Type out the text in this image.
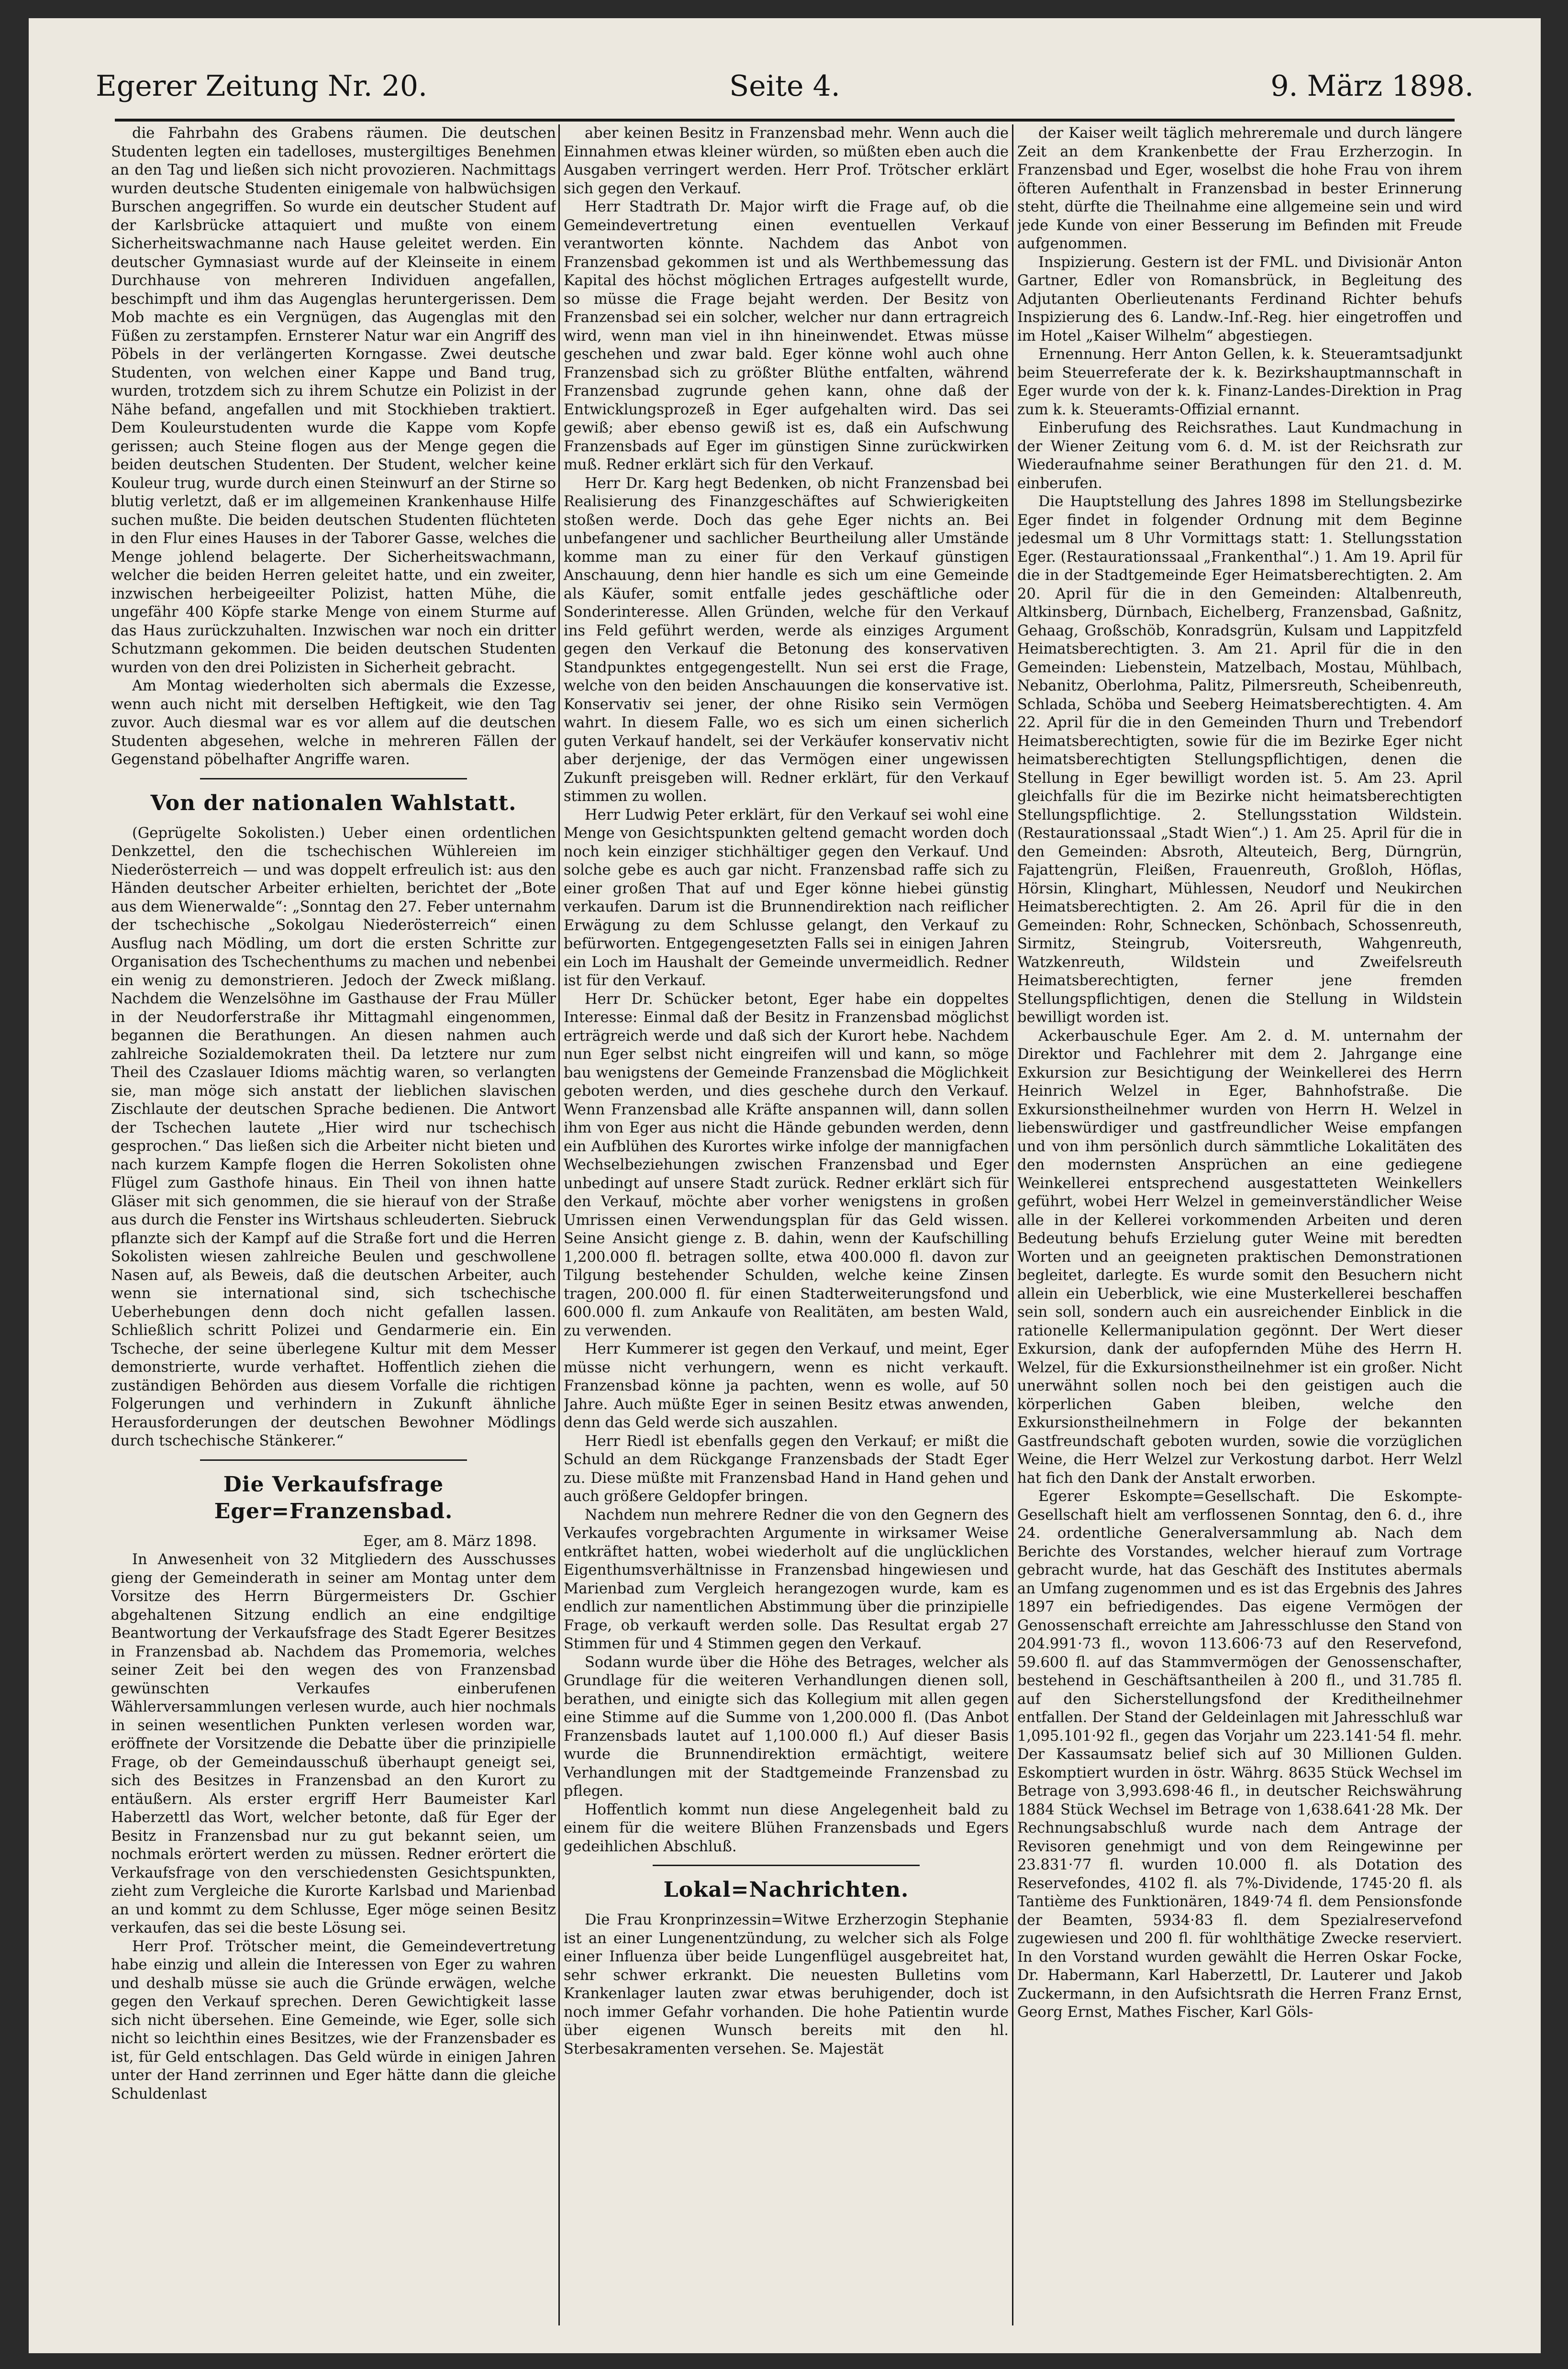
Egerer Zeitung Nr. 20.	Seite 4.	9. März 1898.

die Fahrbahn des Grabens räumen. Die deutschen Studenten legten ein tadelloses, mustergiltiges Benehmen an den Tag und ließen sich nicht provozieren. Nachmittags wurden deutsche Studenten einigemale von halbwüchsigen Burschen angegriffen. So wurde ein deutscher Student auf der Karlsbrücke attaquiert und mußte von einem Sicherheitswachmanne nach Hause geleitet werden. Ein deutscher Gymnasiast wurde auf der Kleinseite in einem Durchhause von mehreren Individuen angefallen, beschimpft und ihm das Augenglas heruntergerissen. Dem Mob machte es ein Vergnügen, das Augenglas mit den Füßen zu zerstampfen. Ernsterer Natur war ein Angriff des Pöbels in der verlängerten Korngasse. Zwei deutsche Studenten, von welchen einer Kappe und Band trug, wurden, trotzdem sich zu ihrem Schutze ein Polizist in der Nähe befand, angefallen und mit Stockhieben traktiert. Dem Kouleurstudenten wurde die Kappe vom Kopfe gerissen; auch Steine flogen aus der Menge gegen die beiden deutschen Studenten. Der Student, welcher keine Kouleur trug, wurde durch einen Steinwurf an der Stirne so blutig verletzt, daß er im allgemeinen Krankenhause Hilfe suchen mußte. Die beiden deutschen Studenten flüchteten in den Flur eines Hauses in der Taborer Gasse, welches die Menge johlend belagerte. Der Sicherheitswachmann, welcher die beiden Herren geleitet hatte, und ein zweiter, inzwischen herbeigeeilter Polizist, hatten Mühe, die ungefähr 400 Köpfe starke Menge von einem Sturme auf das Haus zurückzuhalten. Inzwischen war noch ein dritter Schutzmann gekommen. Die beiden deutschen Studenten wurden von den drei Polizisten in Sicherheit gebracht.

Am Montag wiederholten sich abermals die Exzesse, wenn auch nicht mit derselben Heftigkeit, wie den Tag zuvor. Auch diesmal war es vor allem auf die deutschen Studenten abgesehen, welche in mehreren Fällen der Gegenstand pöbelhafter Angriffe waren.

Von der nationalen Wahlstatt.

(Geprügelte Sokolisten.) Ueber einen ordentlichen Denkzettel, den die tschechischen Wühlereien im Niederösterreich — und was doppelt erfreulich ist: aus den Händen deutscher Arbeiter erhielten, berichtet der „Bote aus dem Wienerwalde“: „Sonntag den 27. Feber unternahm der tschechische „Sokolgau Niederösterreich“ einen Ausflug nach Mödling, um dort die ersten Schritte zur Organisation des Tschechenthums zu machen und nebenbei ein wenig zu demonstrieren. Jedoch der Zweck mißlang. Nachdem die Wenzelsöhne im Gasthause der Frau Müller in der Neudorferstraße ihr Mittagmahl eingenommen, begannen die Berathungen. An diesen nahmen auch zahlreiche Sozialdemokraten theil. Da letztere nur zum Theil des Czaslauer Idioms mächtig waren, so verlangten sie, man möge sich anstatt der lieblichen slavischen Zischlaute der deutschen Sprache bedienen. Die Antwort der Tschechen lautete „Hier wird nur tschechisch gesprochen.“ Das ließen sich die Arbeiter nicht bieten und nach kurzem Kampfe flogen die Herren Sokolisten ohne Flügel zum Gasthofe hinaus. Ein Theil von ihnen hatte Gläser mit sich genommen, die sie hierauf von der Straße aus durch die Fenster ins Wirtshaus schleuderten. Siebruck pflanzte sich der Kampf auf die Straße fort und die Herren Sokolisten wiesen zahlreiche Beulen und geschwollene Nasen auf, als Beweis, daß die deutschen Arbeiter, auch wenn sie international sind, sich tschechische Ueberhebungen denn doch nicht gefallen lassen. Schließlich schritt Polizei und Gendarmerie ein. Ein Tscheche, der seine überlegene Kultur mit dem Messer demonstrierte, wurde verhaftet. Hoffentlich ziehen die zuständigen Behörden aus diesem Vorfalle die richtigen Folgerungen und verhindern in Zukunft ähnliche Herausforderungen der deutschen Bewohner Mödlings durch tschechische Stänkerer.“

Die Verkaufsfrage Eger=Franzensbad.

Eger, am 8. März 1898.

In Anwesenheit von 32 Mitgliedern des Ausschusses gieng der Gemeinderath in seiner am Montag unter dem Vorsitze des Herrn Bürgermeisters Dr. Gschier abgehaltenen Sitzung endlich an eine endgiltige Beantwortung der Verkaufsfrage des Stadt Egerer Besitzes in Franzensbad ab. Nachdem das Promemoria, welches seiner Zeit bei den wegen des von Franzensbad gewünschten Verkaufes einberufenen Wählerversammlungen verlesen wurde, auch hier nochmals in seinen wesentlichen Punkten verlesen worden war, eröffnete der Vorsitzende die Debatte über die prinzipielle Frage, ob der Gemeindausschuß überhaupt geneigt sei, sich des Besitzes in Franzensbad an den Kurort zu entäußern. Als erster ergriff Herr Baumeister Karl Haberzettl das Wort, welcher betonte, daß für Eger der Besitz in Franzensbad nur zu gut bekannt seien, um nochmals erörtert werden zu müssen. Redner erörtert die Verkaufsfrage von den verschiedensten Gesichtspunkten, zieht zum Vergleiche die Kurorte Karlsbad und Marienbad an und kommt zu dem Schlusse, Eger möge seinen Besitz verkaufen, das sei die beste Lösung sei.

Herr Prof. Trötscher meint, die Gemeindevertretung habe einzig und allein die Interessen von Eger zu wahren und deshalb müsse sie auch die Gründe erwägen, welche gegen den Verkauf sprechen. Deren Gewichtigkeit lasse sich nicht übersehen. Eine Gemeinde, wie Eger, solle sich nicht so leichthin eines Besitzes, wie der Franzensbader es ist, für Geld entschlagen. Das Geld würde in einigen Jahren unter der Hand zerrinnen und Eger hätte dann die gleiche Schuldenlast

aber keinen Besitz in Franzensbad mehr. Wenn auch die Einnahmen etwas kleiner würden, so müßten eben auch die Ausgaben verringert werden. Herr Prof. Trötscher erklärt sich gegen den Verkauf.

Herr Stadtrath Dr. Major wirft die Frage auf, ob die Gemeindevertretung einen eventuellen Verkauf verantworten könnte. Nachdem das Anbot von Franzensbad gekommen ist und als Werthbemessung das Kapital des höchst möglichen Ertrages aufgestellt wurde, so müsse die Frage bejaht werden. Der Besitz von Franzensbad sei ein solcher, welcher nur dann ertragreich wird, wenn man viel in ihn hineinwendet. Etwas müsse geschehen und zwar bald. Eger könne wohl auch ohne Franzensbad sich zu größter Blüthe entfalten, während Franzensbad zugrunde gehen kann, ohne daß der Entwicklungsprozeß in Eger aufgehalten wird. Das sei gewiß; aber ebenso gewiß ist es, daß ein Aufschwung Franzensbads auf Eger im günstigen Sinne zurückwirken muß. Redner erklärt sich für den Verkauf.

Herr Dr. Karg hegt Bedenken, ob nicht Franzensbad bei Realisierung des Finanzgeschäftes auf Schwierigkeiten stoßen werde. Doch das gehe Eger nichts an. Bei unbefangener und sachlicher Beurtheilung aller Umstände komme man zu einer für den Verkauf günstigen Anschauung, denn hier handle es sich um eine Gemeinde als Käufer, somit entfalle jedes geschäftliche oder Sonderinteresse. Allen Gründen, welche für den Verkauf ins Feld geführt werden, werde als einziges Argument gegen den Verkauf die Betonung des konservativen Standpunktes entgegengestellt. Nun sei erst die Frage, welche von den beiden Anschauungen die konservative ist. Konservativ sei jener, der ohne Risiko sein Vermögen wahrt. In diesem Falle, wo es sich um einen sicherlich guten Verkauf handelt, sei der Verkäufer konservativ nicht aber derjenige, der das Vermögen einer ungewissen Zukunft preisgeben will. Redner erklärt, für den Verkauf stimmen zu wollen.

Herr Ludwig Peter erklärt, für den Verkauf sei wohl eine Menge von Gesichtspunkten geltend gemacht worden doch noch kein einziger stichhältiger gegen den Verkauf. Und solche gebe es auch gar nicht. Franzensbad raffe sich zu einer großen That auf und Eger könne hiebei günstig verkaufen. Darum ist die Brunnendirektion nach reiflicher Erwägung zu dem Schlusse gelangt, den Verkauf zu befürworten. Entgegengesetzten Falls sei in einigen Jahren ein Loch im Haushalt der Gemeinde unvermeidlich. Redner ist für den Verkauf.

Herr Dr. Schücker betont, Eger habe ein doppeltes Interesse: Einmal daß der Besitz in Franzensbad möglichst erträgreich werde und daß sich der Kurort hebe. Nachdem nun Eger selbst nicht eingreifen will und kann, so möge bau wenigstens der Gemeinde Franzensbad die Möglichkeit geboten werden, und dies geschehe durch den Verkauf. Wenn Franzensbad alle Kräfte anspannen will, dann sollen ihm von Eger aus nicht die Hände gebunden werden, denn ein Aufblühen des Kurortes wirke infolge der mannigfachen Wechselbeziehungen zwischen Franzensbad und Eger unbedingt auf unsere Stadt zurück. Redner erklärt sich für den Verkauf, möchte aber vorher wenigstens in großen Umrissen einen Verwendungsplan für das Geld wissen. Seine Ansicht gienge z. B. dahin, wenn der Kaufschilling 1,200.000 fl. betragen sollte, etwa 400.000 fl. davon zur Tilgung bestehender Schulden, welche keine Zinsen tragen, 200.000 fl. für einen Stadterweiterungsfond und 600.000 fl. zum Ankaufe von Realitäten, am besten Wald, zu verwenden.

Herr Kummerer ist gegen den Verkauf, und meint, Eger müsse nicht verhungern, wenn es nicht verkauft. Franzensbad könne ja pachten, wenn es wolle, auf 50 Jahre. Auch müßte Eger in seinen Besitz etwas anwenden, denn das Geld werde sich auszahlen.

Herr Riedl ist ebenfalls gegen den Verkauf; er mißt die Schuld an dem Rückgange Franzensbads der Stadt Eger zu. Diese müßte mit Franzensbad Hand in Hand gehen und auch größere Geldopfer bringen.

Nachdem nun mehrere Redner die von den Gegnern des Verkaufes vorgebrachten Argumente in wirksamer Weise entkräftet hatten, wobei wiederholt auf die unglücklichen Eigenthumsverhältnisse in Franzensbad hingewiesen und Marienbad zum Vergleich herangezogen wurde, kam es endlich zur namentlichen Abstimmung über die prinzipielle Frage, ob verkauft werden solle. Das Resultat ergab 27 Stimmen für und 4 Stimmen gegen den Verkauf.

Sodann wurde über die Höhe des Betrages, welcher als Grundlage für die weiteren Verhandlungen dienen soll, berathen, und einigte sich das Kollegium mit allen gegen eine Stimme auf die Summe von 1,200.000 fl. (Das Anbot Franzensbads lautet auf 1,100.000 fl.) Auf dieser Basis wurde die Brunnendirektion ermächtigt, weitere Verhandlungen mit der Stadtgemeinde Franzensbad zu pflegen.

Hoffentlich kommt nun diese Angelegenheit bald zu einem für die weitere Blühen Franzensbads und Egers gedeihlichen Abschluß.

Lokal=Nachrichten.

Die Frau Kronprinzessin=Witwe Erzherzogin Stephanie ist an einer Lungenentzündung, zu welcher sich als Folge einer Influenza über beide Lungenflügel ausgebreitet hat, sehr schwer erkrankt. Die neuesten Bulletins vom Krankenlager lauten zwar etwas beruhigender, doch ist noch immer Gefahr vorhanden. Die hohe Patientin wurde über eigenen Wunsch bereits mit den hl. Sterbesakramenten versehen. Se. Majestät

der Kaiser weilt täglich mehreremale und durch längere Zeit an dem Krankenbette der Frau Erzherzogin. In Franzensbad und Eger, woselbst die hohe Frau von ihrem öfteren Aufenthalt in Franzensbad in bester Erinnerung steht, dürfte die Theilnahme eine allgemeine sein und wird jede Kunde von einer Besserung im Befinden mit Freude aufgenommen.

Inspizierung. Gestern ist der FML. und Divisionär Anton Gartner, Edler von Romansbrück, in Begleitung des Adjutanten Oberlieutenants Ferdinand Richter behufs Inspizierung des 6. Landw.-Inf.-Reg. hier eingetroffen und im Hotel „Kaiser Wilhelm“ abgestiegen.

Ernennung. Herr Anton Gellen, k. k. Steueramtsadjunkt beim Steuerreferate der k. k. Bezirkshauptmannschaft in Eger wurde von der k. k. Finanz-Landes-Direktion in Prag zum k. k. Steueramts-Offizial ernannt.

Einberufung des Reichsrathes. Laut Kundmachung in der Wiener Zeitung vom 6. d. M. ist der Reichsrath zur Wiederaufnahme seiner Berathungen für den 21. d. M. einberufen.

Die Hauptstellung des Jahres 1898 im Stellungsbezirke Eger findet in folgender Ordnung mit dem Beginne jedesmal um 8 Uhr Vormittags statt: 1. Stellungsstation Eger. (Restaurationssaal „Frankenthal“.) 1. Am 19. April für die in der Stadtgemeinde Eger Heimatsberechtigten. 2. Am 20. April für die in den Gemeinden: Altalbenreuth, Altkinsberg, Dürnbach, Eichelberg, Franzensbad, Gaßnitz, Gehaag, Großschöb, Konradsgrün, Kulsam und Lappitzfeld Heimatsberechtigten. 3. Am 21. April für die in den Gemeinden: Liebenstein, Matzelbach, Mostau, Mühlbach, Nebanitz, Oberlohma, Palitz, Pilmersreuth, Scheibenreuth, Schlada, Schöba und Seeberg Heimatsberechtigten. 4. Am 22. April für die in den Gemeinden Thurn und Trebendorf Heimatsberechtigten, sowie für die im Bezirke Eger nicht heimatsberechtigten Stellungspflichtigen, denen die Stellung in Eger bewilligt worden ist. 5. Am 23. April gleichfalls für die im Bezirke nicht heimatsberechtigten Stellungspflichtige. 2. Stellungsstation Wildstein. (Restaurationssaal „Stadt Wien“.) 1. Am 25. April für die in den Gemeinden: Absroth, Alteuteich, Berg, Dürngrün, Fajattengrün, Fleißen, Frauenreuth, Großloh, Höflas, Hörsin, Klinghart, Mühlessen, Neudorf und Neukirchen Heimatsberechtigten. 2. Am 26. April für die in den Gemeinden: Rohr, Schnecken, Schönbach, Schossenreuth, Sirmitz, Steingrub, Voitersreuth, Wahgenreuth, Watzkenreuth, Wildstein und Zweifelsreuth Heimatsberechtigten, ferner jene fremden Stellungspflichtigen, denen die Stellung in Wildstein bewilligt worden ist.

Ackerbauschule Eger. Am 2. d. M. unternahm der Direktor und Fachlehrer mit dem 2. Jahrgange eine Exkursion zur Besichtigung der Weinkellerei des Herrn Heinrich Welzel in Eger, Bahnhofstraße. Die Exkursionstheilnehmer wurden von Herrn H. Welzel in liebenswürdiger und gastfreundlicher Weise empfangen und von ihm persönlich durch sämmtliche Lokalitäten des den modernsten Ansprüchen an eine gediegene Weinkellerei entsprechend ausgestatteten Weinkellers geführt, wobei Herr Welzel in gemeinverständlicher Weise alle in der Kellerei vorkommenden Arbeiten und deren Bedeutung behufs Erzielung guter Weine mit beredten Worten und an geeigneten praktischen Demonstrationen begleitet, darlegte. Es wurde somit den Besuchern nicht allein ein Ueberblick, wie eine Musterkellerei beschaffen sein soll, sondern auch ein ausreichender Einblick in die rationelle Kellermanipulation gegönnt. Der Wert dieser Exkursion, dank der aufopfernden Mühe des Herrn H. Welzel, für die Exkursionstheilnehmer ist ein großer. Nicht unerwähnt sollen noch bei den geistigen auch die körperlichen Gaben bleiben, welche den Exkursionstheilnehmern in Folge der bekannten Gastfreundschaft geboten wurden, sowie die vorzüglichen Weine, die Herr Welzel zur Verkostung darbot. Herr Welzl hat fich den Dank der Anstalt erworben.

Egerer Eskompte=Gesellschaft. Die Eskompte-Gesellschaft hielt am verflossenen Sonntag, den 6. d., ihre 24. ordentliche Generalversammlung ab. Nach dem Berichte des Vorstandes, welcher hierauf zum Vortrage gebracht wurde, hat das Geschäft des Institutes abermals an Umfang zugenommen und es ist das Ergebnis des Jahres 1897 ein befriedigendes. Das eigene Vermögen der Genossenschaft erreichte am Jahresschlusse den Stand von 204.991·73 fl., wovon 113.606·73 auf den Reservefond, 59.600 fl. auf das Stammvermögen der Genossenschafter, bestehend in Geschäftsantheilen à 200 fl., und 31.785 fl. auf den Sicherstellungsfond der Kreditheilnehmer entfallen. Der Stand der Geldeinlagen mit Jahresschluß war 1,095.101·92 fl., gegen das Vorjahr um 223.141·54 fl. mehr. Der Kassaumsatz belief sich auf 30 Millionen Gulden. Eskomptiert wurden in östr. Währg. 8635 Stück Wechsel im Betrage von 3,993.698·46 fl., in deutscher Reichswährung 1884 Stück Wechsel im Betrage von 1,638.641·28 Mk. Der Rechnungsabschluß wurde nach dem Antrage der Revisoren genehmigt und von dem Reingewinne per 23.831·77 fl. wurden 10.000 fl. als Dotation des Reservefondes, 4102 fl. als 7%-Dividende, 1745·20 fl. als Tantième des Funktionären, 1849·74 fl. dem Pensionsfonde der Beamten, 5934·83 fl. dem Spezialreservefond zugewiesen und 200 fl. für wohlthätige Zwecke reserviert. In den Vorstand wurden gewählt die Herren Oskar Focke, Dr. Habermann, Karl Haberzettl, Dr. Lauterer und Jakob Zuckermann, in den Aufsichtsrath die Herren Franz Ernst, Georg Ernst, Mathes Fischer, Karl Göls-
